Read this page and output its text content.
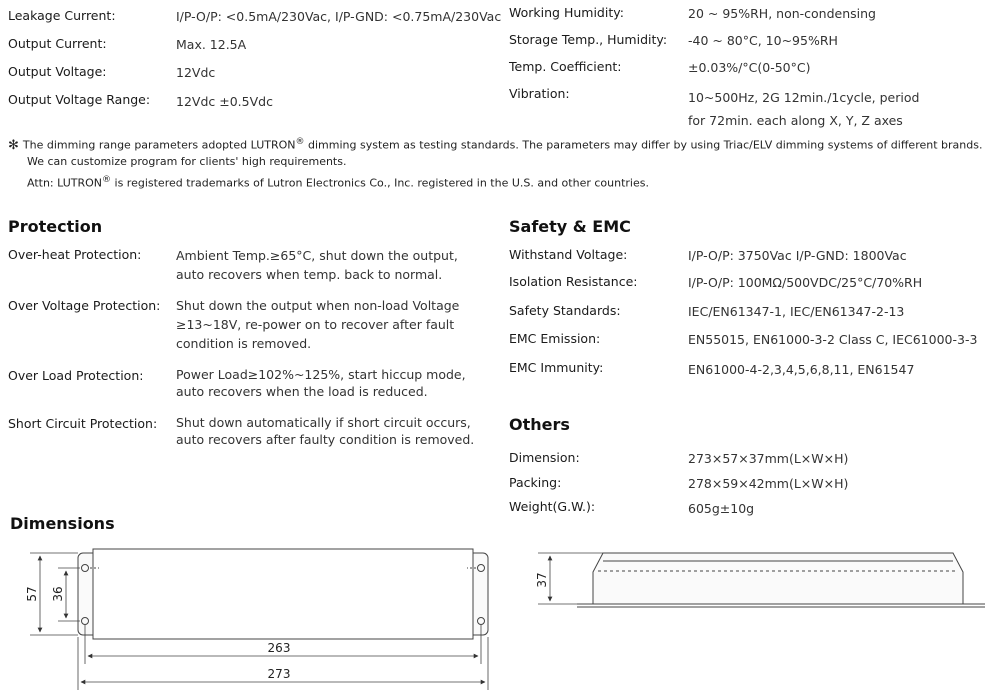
Leakage Current:	I/P-O/P: <0.5mA/230Vac, I/P-GND: <0.75mA/230Vac
Output Current:	Max. 12.5A
Output Voltage:	12Vdc
Output Voltage Range: 12Vdc ±0.5Vdc
Working Humidity:	20 ~ 95%RH, non-condensing
Storage Temp., Humidity: -40 ~ 80°C, 10~95%RH
Temp. Coefficient:	±0.03%/°C(0-50°C)
Vibration:	10~500Hz, 2G 12min./1cycle, period
for 72min. each along X, Y, Z axes
✻ The dimming range parameters adopted LUTRON® dimming system as testing standards. The parameters may differ by using Triac/ELV dimming systems of different brands.
We can customize program for clients' high requirements.
Attn: LUTRON® is registered trademarks of Lutron Electronics Co., Inc. registered in the U.S. and other countries.
Protection
Over-heat Protection:	Ambient Temp.≥65°C, shut down the output,
auto recovers when temp. back to normal.
Over Voltage Protection: Shut down the output when non-load Voltage
≥13~18V, re-power on to recover after fault
condition is removed.
Over Load Protection:	Power Load≥102%~125%, start hiccup mode,
auto recovers when the load is reduced.
Short Circuit Protection: Shut down automatically if short circuit occurs,
auto recovers after faulty condition is removed.
Safety & EMC
Withstand Voltage:	I/P-O/P: 3750Vac I/P-GND: 1800Vac
Isolation Resistance:	I/P-O/P: 100MΩ/500VDC/25°C/70%RH
Safety Standards:	IEC/EN61347-1, IEC/EN61347-2-13
EMC Emission:	EN55015, EN61000-3-2 Class C, IEC61000-3-3
EMC Immunity:	EN61000-4-2,3,4,5,6,8,11, EN61547
Others
Dimension:	273×57×37mm(L×W×H)
Packing:	278×59×42mm(L×W×H)
Weight(G.W.):	605g±10g
Dimensions
57 36
263
273
37
